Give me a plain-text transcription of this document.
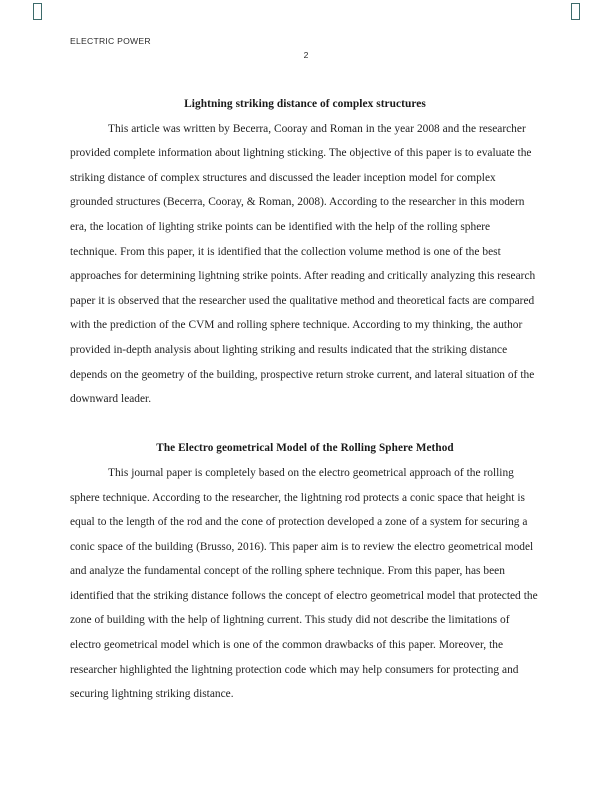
ELECTRIC POWER
2
Lightning striking distance of complex structures

This article was written by Becerra, Cooray and Roman in the year 2008 and the researcher provided complete information about lightning sticking. The objective of this paper is to evaluate the striking distance of complex structures and discussed the leader inception model for complex grounded structures (Becerra, Cooray, & Roman, 2008). According to the researcher in this modern era, the location of lighting strike points can be identified with the help of the rolling sphere technique. From this paper, it is identified that the collection volume method is one of the best approaches for determining lightning strike points. After reading and critically analyzing this research paper it is observed that the researcher used the qualitative method and theoretical facts are compared with the prediction of the CVM and rolling sphere technique. According to my thinking, the author provided in-depth analysis about lighting striking and results indicated that the striking distance depends on the geometry of the building, prospective return stroke current, and lateral situation of the downward leader.

The Electro geometrical Model of the Rolling Sphere Method

This journal paper is completely based on the electro geometrical approach of the rolling sphere technique. According to the researcher, the lightning rod protects a conic space that height is equal to the length of the rod and the cone of protection developed a zone of a system for securing a conic space of the building (Brusso, 2016). This paper aim is to review the electro geometrical model and analyze the fundamental concept of the rolling sphere technique. From this paper, has been identified that the striking distance follows the concept of electro geometrical model that protected the zone of building with the help of lightning current. This study did not describe the limitations of electro geometrical model which is one of the common drawbacks of this paper. Moreover, the researcher highlighted the lightning protection code which may help consumers for protecting and securing lightning striking distance.
